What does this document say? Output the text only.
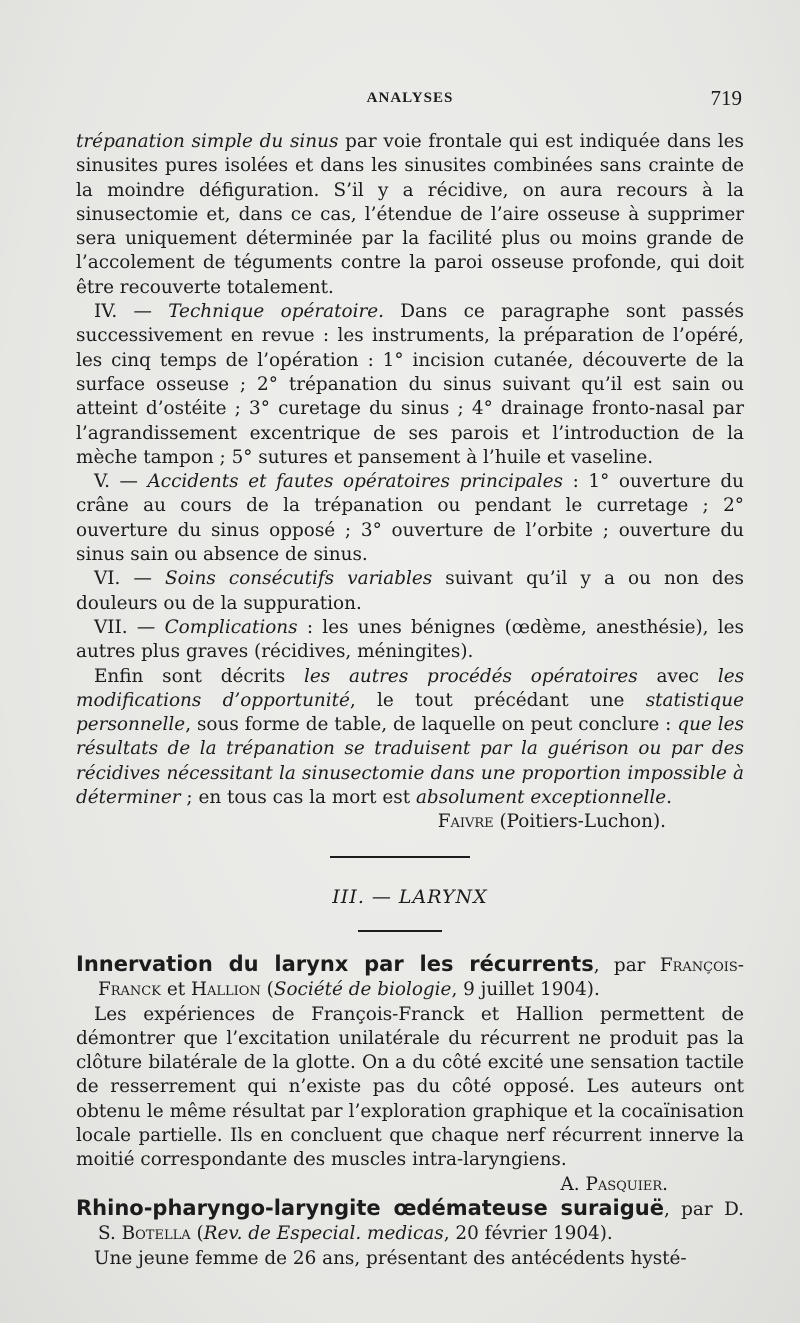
ANALYSES	719

trépanation simple du sinus par voie frontale qui est indiquée dans les sinusites pures isolées et dans les sinusites combinées sans crainte de la moindre défiguration. S’il y a récidive, on aura recours à la sinusectomie et, dans ce cas, l’étendue de l’aire osseuse à supprimer sera uniquement déterminée par la facilité plus ou moins grande de l’accolement de téguments contre la paroi osseuse profonde, qui doit être recouverte totalement.

IV. — Technique opératoire. Dans ce paragraphe sont passés successivement en revue : les instruments, la préparation de l’opéré, les cinq temps de l’opération : 1° incision cutanée, découverte de la surface osseuse ; 2° trépanation du sinus suivant qu’il est sain ou atteint d’ostéite ; 3° curetage du sinus ; 4° drainage fronto-nasal par l’agrandissement excentrique de ses parois et l’introduction de la mèche tampon ; 5° sutures et pansement à l’huile et vaseline.

V. — Accidents et fautes opératoires principales : 1° ouverture du crâne au cours de la trépanation ou pendant le curretage ; 2° ouverture du sinus opposé ; 3° ouverture de l’orbite ; ouverture du sinus sain ou absence de sinus.

VI. — Soins consécutifs variables suivant qu’il y a ou non des douleurs ou de la suppuration.

VII. — Complications : les unes bénignes (œdème, anesthésie), les autres plus graves (récidives, méningites).

Enfin sont décrits les autres procédés opératoires avec les modifications d’opportunité, le tout précédant une statistique personnelle, sous forme de table, de laquelle on peut conclure : que les résultats de la trépanation se traduisent par la guérison ou par des récidives nécessitant la sinusectomie dans une proportion impossible à déterminer ; en tous cas la mort est absolument exceptionnelle.

Faivre (Poitiers-Luchon).

III. — LARYNX

Innervation du larynx par les récurrents, par François-Franck et Hallion (Société de biologie, 9 juillet 1904).

Les expériences de François-Franck et Hallion permettent de démontrer que l’excitation unilatérale du récurrent ne produit pas la clôture bilatérale de la glotte. On a du côté excité une sensation tactile de resserrement qui n’existe pas du côté opposé. Les auteurs ont obtenu le même résultat par l’exploration graphique et la cocaïnisation locale partielle. Ils en concluent que chaque nerf récurrent innerve la moitié correspondante des muscles intra-laryngiens.

A. Pasquier.

Rhino-pharyngo-laryngite œdémateuse suraiguë, par D. S. Botella (Rev. de Especial. medicas, 20 février 1904).

Une jeune femme de 26 ans, présentant des antécédents hysté-
